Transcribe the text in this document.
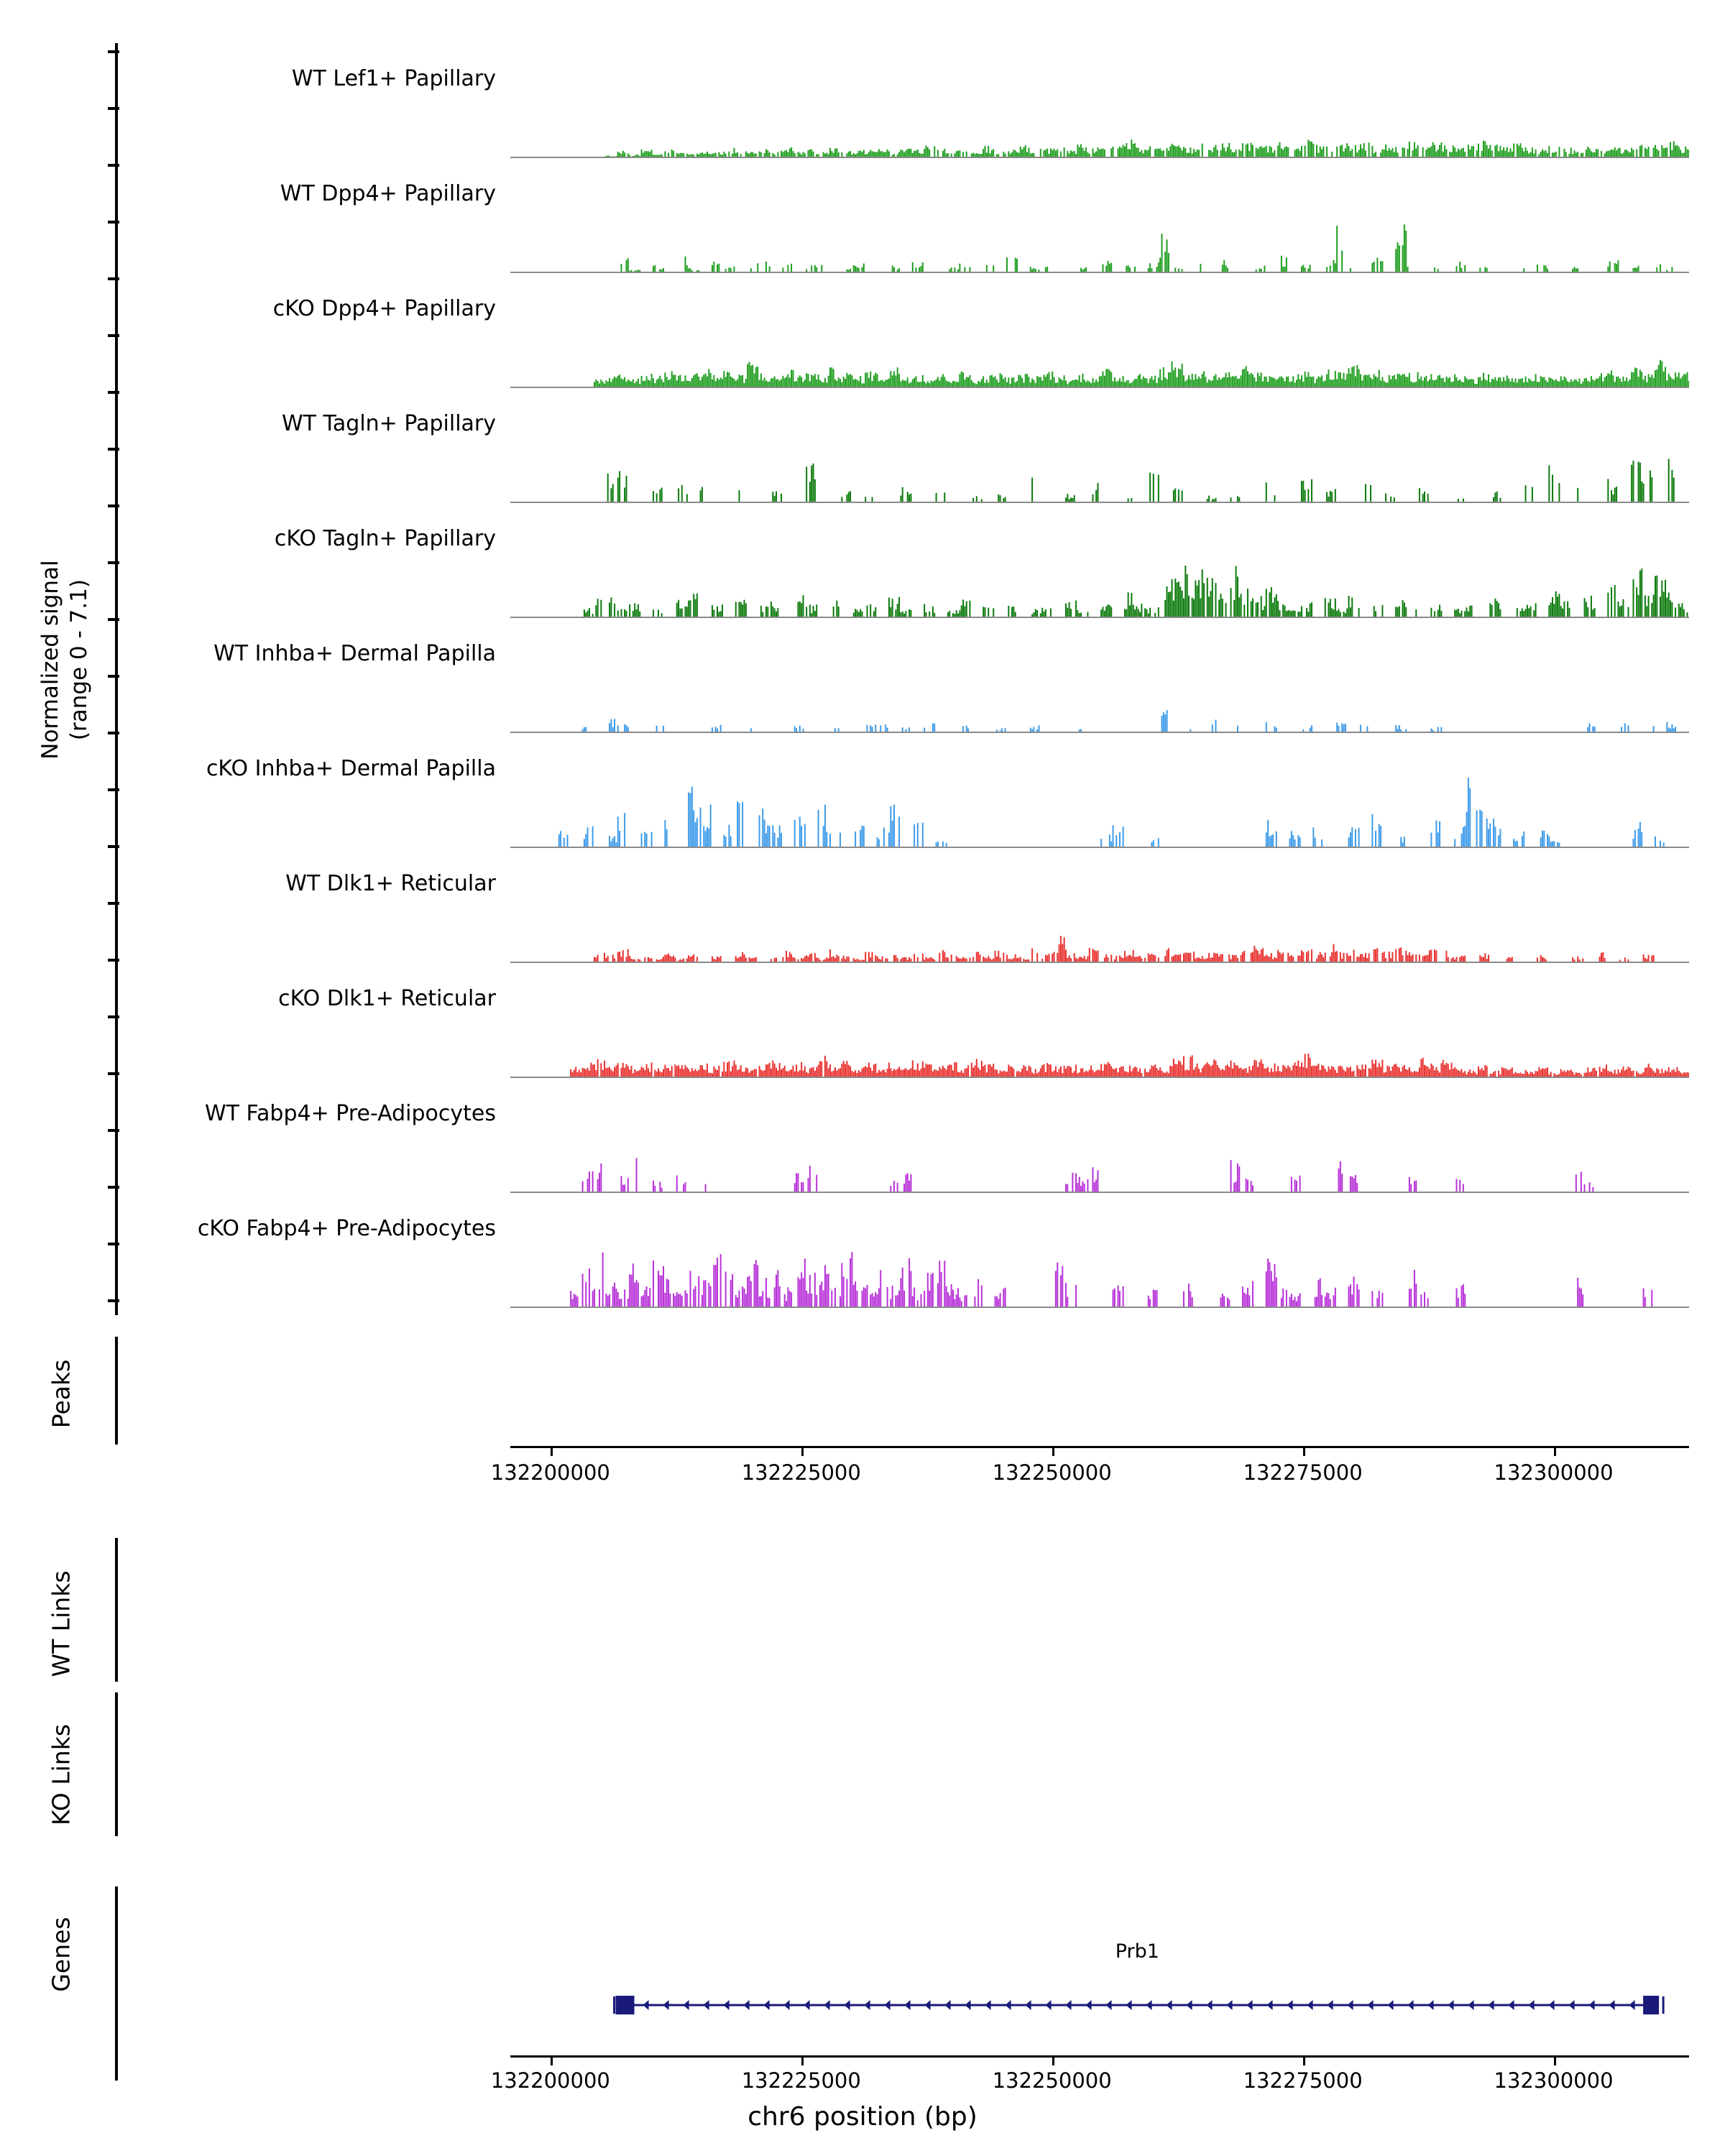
Normalized signal (range 0 - 7.1)
WT Lef1+ Papillary
WT Dpp4+ Papillary
cKO Dpp4+ Papillary
WT Tagln+ Papillary
cKO Tagln+ Papillary
WT Inhba+ Dermal Papilla
cKO Inhba+ Dermal Papilla
WT Dlk1+ Reticular
cKO Dlk1+ Reticular
WT Fabp4+ Pre-Adipocytes
cKO Fabp4+ Pre-Adipocytes
Peaks
132200000	132225000	132250000	132275000	132300000
WT Links
KO Links
Genes	Prb1
132200000	132225000	132250000	132275000	132300000
chr6 position (bp)
